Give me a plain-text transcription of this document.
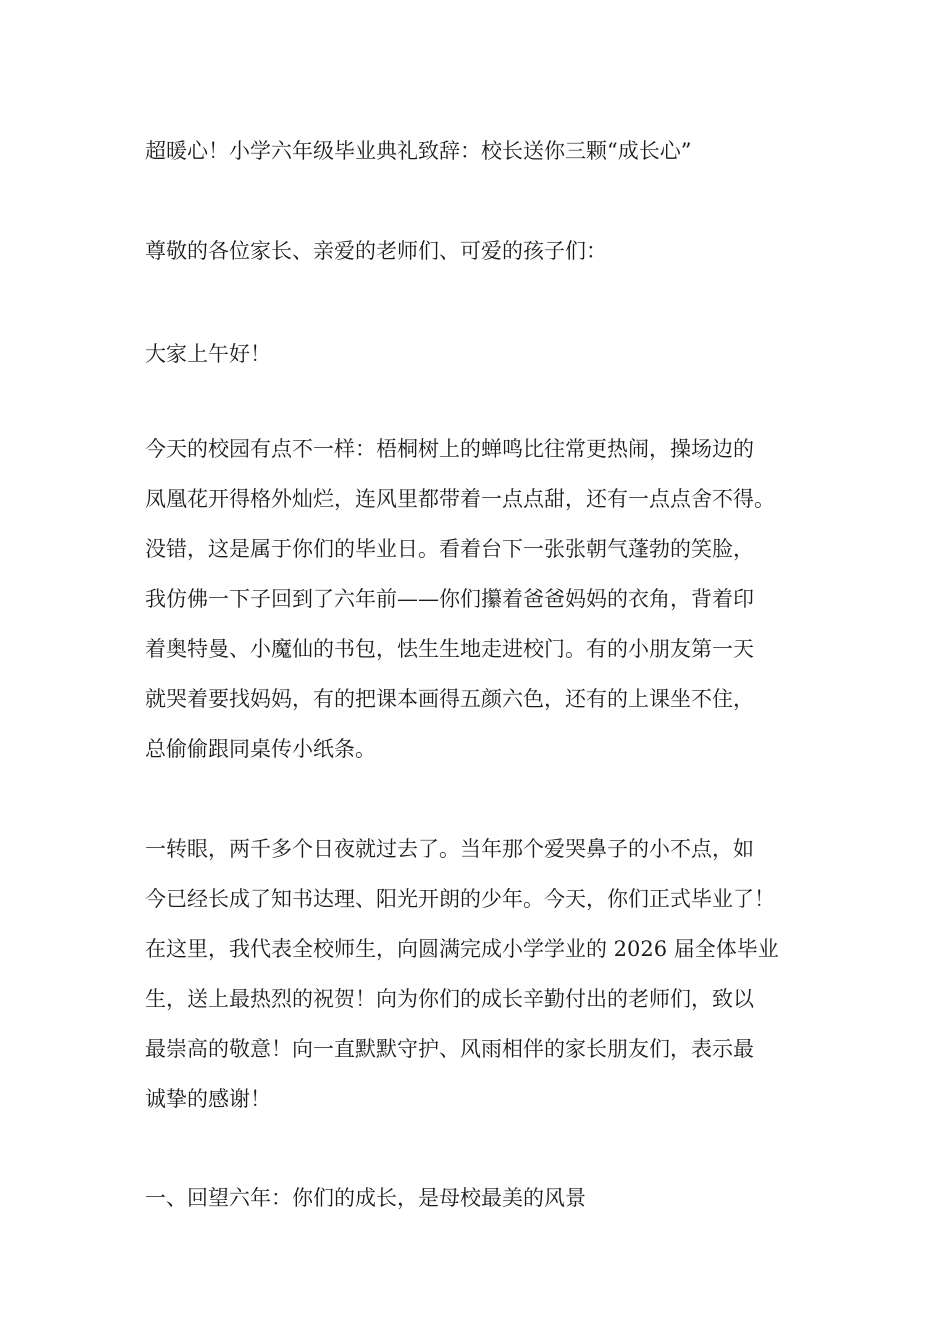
超暖心！小学六年级毕业典礼致辞：校长送你三颗“成长心”
尊敬的各位家长、亲爱的老师们、可爱的孩子们：
大家上午好！
今天的校园有点不一样：梧桐树上的蝉鸣比往常更热闹，操场边的
凤凰花开得格外灿烂，连风里都带着一点点甜，还有一点点舍不得。
没错，这是属于你们的毕业日。看着台下一张张朝气蓬勃的笑脸，
我仿佛一下子回到了六年前——你们攥着爸爸妈妈的衣角，背着印
着奥特曼、小魔仙的书包，怯生生地走进校门。有的小朋友第一天
就哭着要找妈妈，有的把课本画得五颜六色，还有的上课坐不住，
总偷偷跟同桌传小纸条。
一转眼，两千多个日夜就过去了。当年那个爱哭鼻子的小不点，如
今已经长成了知书达理、阳光开朗的少年。今天，你们正式毕业了！
在这里，我代表全校师生，向圆满完成小学学业的 2026 届全体毕业
生，送上最热烈的祝贺！向为你们的成长辛勤付出的老师们，致以
最崇高的敬意！向一直默默守护、风雨相伴的家长朋友们，表示最
诚挚的感谢！
一、回望六年：你们的成长，是母校最美的风景
